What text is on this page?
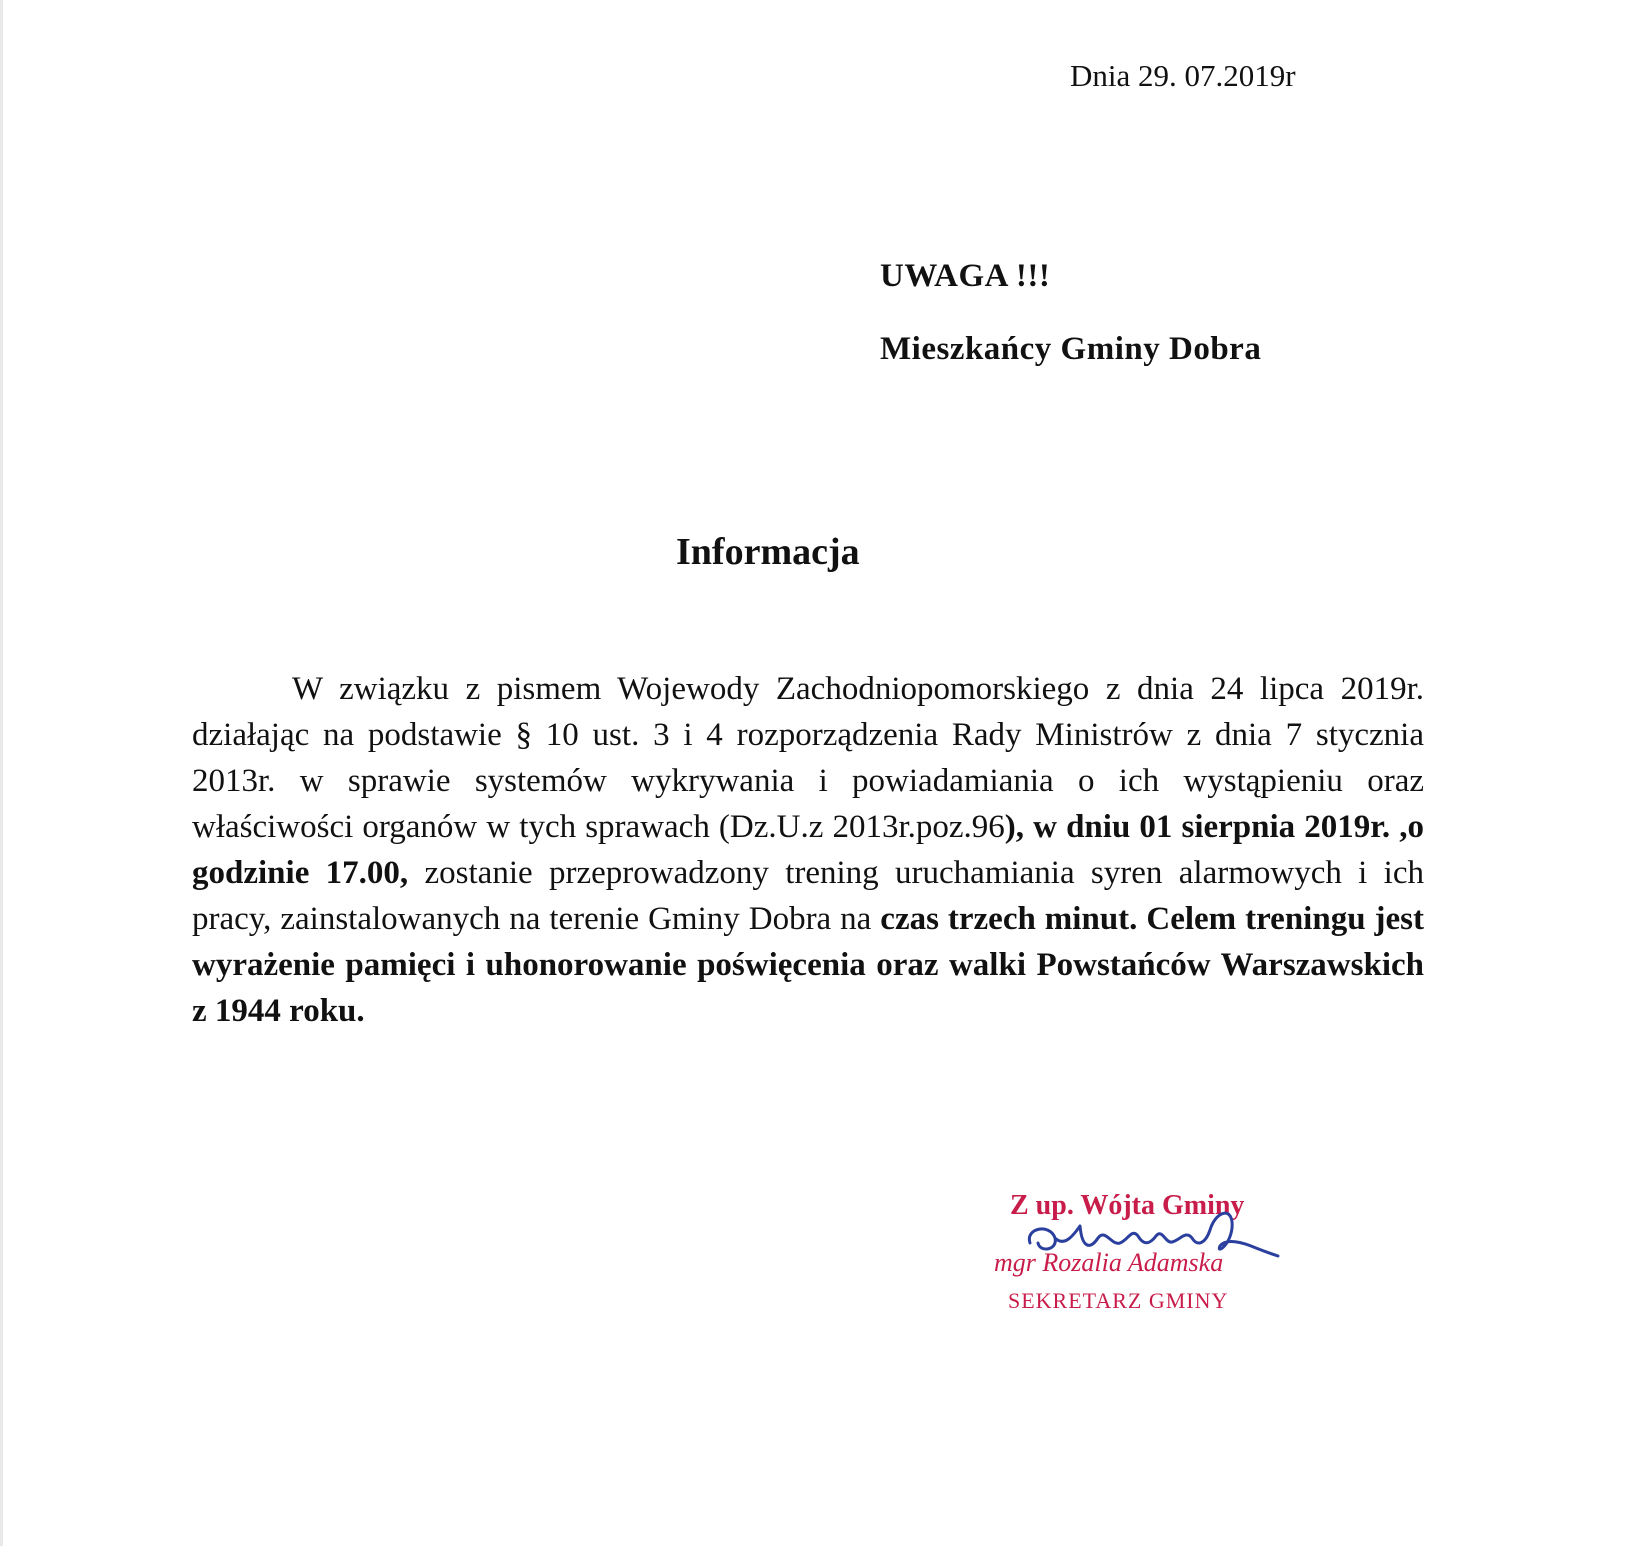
Dnia 29. 07.2019r
UWAGA !!!
Mieszkańcy Gminy Dobra
Informacja

W związku z pismem Wojewody Zachodniopomorskiego z dnia 24 lipca 2019r. działając na podstawie § 10 ust. 3 i 4 rozporządzenia Rady Ministrów z dnia 7 stycznia 2013r. w sprawie systemów wykrywania i powiadamiania o ich wystąpieniu oraz właściwości organów w tych sprawach (Dz.U.z 2013r.poz.96), w dniu 01 sierpnia 2019r. ,o godzinie 17.00, zostanie przeprowadzony trening uruchamiania syren alarmowych i ich pracy, zainstalowanych na terenie Gminy Dobra na czas trzech minut. Celem treningu jest wyrażenie pamięci i uhonorowanie poświęcenia oraz walki Powstańców Warszawskich z 1944 roku.

Z up. Wójta Gminy
mgr Rozalia Adamska
SEKRETARZ GMINY
